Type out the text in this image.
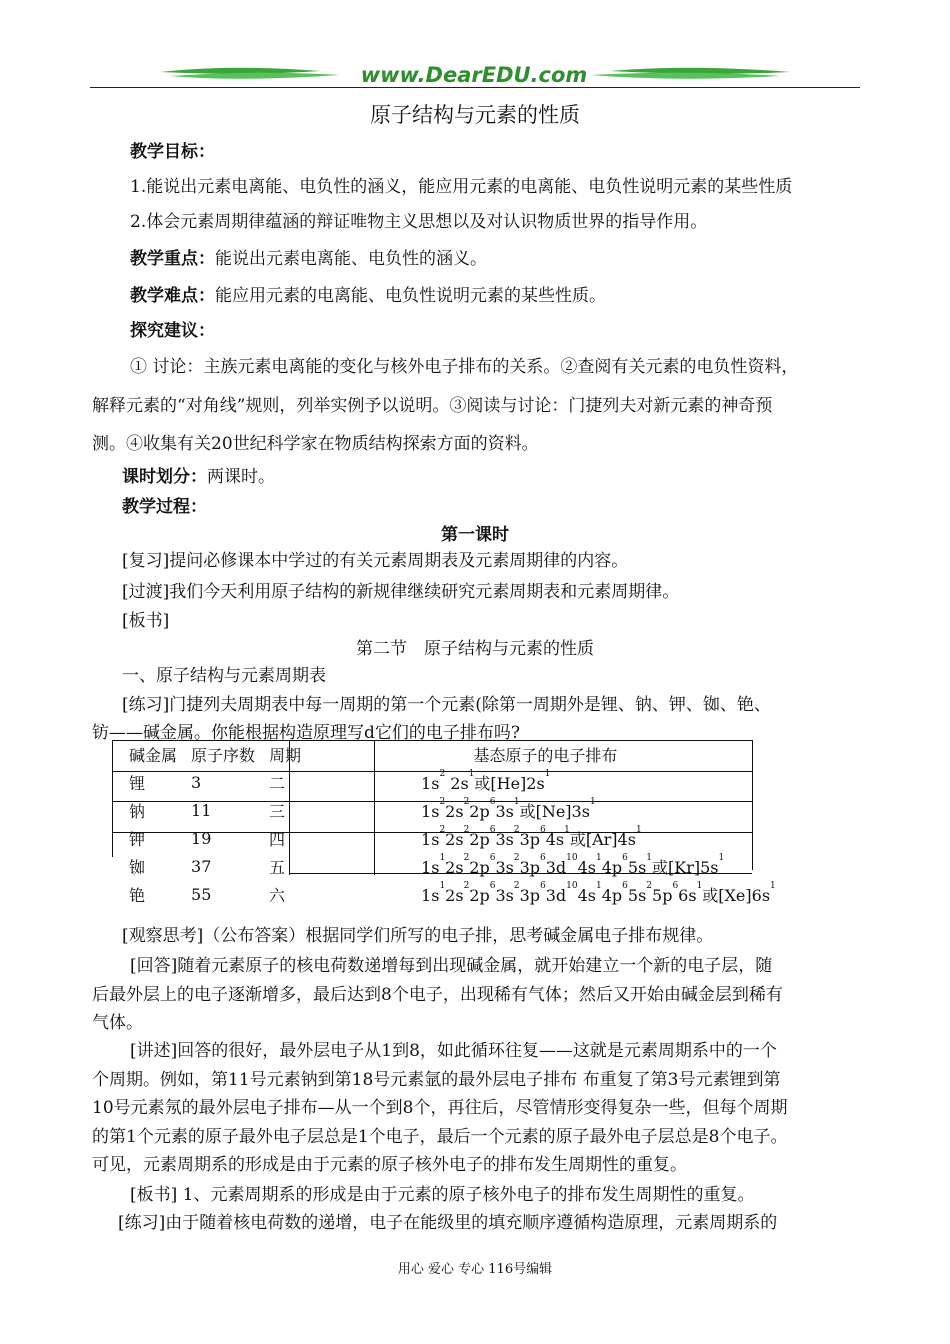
www.DearEDU.com
原子结构与元素的性质
教学目标：
1.能说出元素电离能、电负性的涵义，能应用元素的电离能、电负性说明元素的某些性质
2.体会元素周期律蕴涵的辩证唯物主义思想以及对认识物质世界的指导作用。
教学重点：能说出元素电离能、电负性的涵义。
教学难点：能应用元素的电离能、电负性说明元素的某些性质。
探究建议：
① 讨论：主族元素电离能的变化与核外电子排布的关系。②查阅有关元素的电负性资料，
解释元素的“对角线”规则，列举实例予以说明。③阅读与讨论：门捷列夫对新元素的神奇预
测。④收集有关20世纪科学家在物质结构探索方面的资料。
课时划分：两课时。
教学过程：
第一课时
[复习]提问必修课本中学过的有关元素周期表及元素周期律的内容。
[过渡]我们今天利用原子结构的新规律继续研究元素周期表和元素周期律。
[板书]
第二节　原子结构与元素的性质
一、原子结构与元素周期表
[练习]门捷列夫周期表中每一周期的第一个元素(除第一周期外是锂、钠、钾、铷、铯、
钫——碱金属。你能根据构造原理写d它们的电子排布吗?
碱金属	原子序数	周期	基态原子的电子排布
锂	3	二	$1s^2$ $2s^1$或$[He]2s^1$
钠	11	三	$1s^22s^22p^63s^1$或$[Ne]3s^1$
钾	19	四	$1s^22s^22p^63s^23p^64s^1$或$[Ar]4s^1$
铷	37	五	$1s^12s^22p^63s^23p^63d^{10}4s^14p^65s^1$或$[Kr]5s^1$
铯	55	六	$1s^12s^22p^63s^23p^63d^{10}4s^14p^65s^25p^66s^1$或$[Xe]6s^1$
[观察思考]（公布答案）根据同学们所写的电子排，思考碱金属电子排布规律。
[回答]随着元素原子的核电荷数递增每到出现碱金属，就开始建立一个新的电子层，随
后最外层上的电子逐渐增多，最后达到8个电子，出现稀有气体；然后又开始由碱金层到稀有
气体。
[讲述]回答的很好，最外层电子从1到8，如此循环往复——这就是元素周期系中的一个
个周期。例如，第11号元素钠到第18号元素氩的最外层电子排布 布重复了第3号元素锂到第
10号元素氖的最外层电子排布—从一个到8个，再往后，尽管情形变得复杂一些，但每个周期
的第1个元素的原子最外电子层总是1个电子，最后一个元素的原子最外电子层总是8个电子。
可见，元素周期系的形成是由于元素的原子核外电子的排布发生周期性的重复。
[板书] 1、元素周期系的形成是由于元素的原子核外电子的排布发生周期性的重复。
[练习]由于随着核电荷数的递增，电子在能级里的填充顺序遵循构造原理，元素周期系的
用心 爱心 专心 116号编辑
